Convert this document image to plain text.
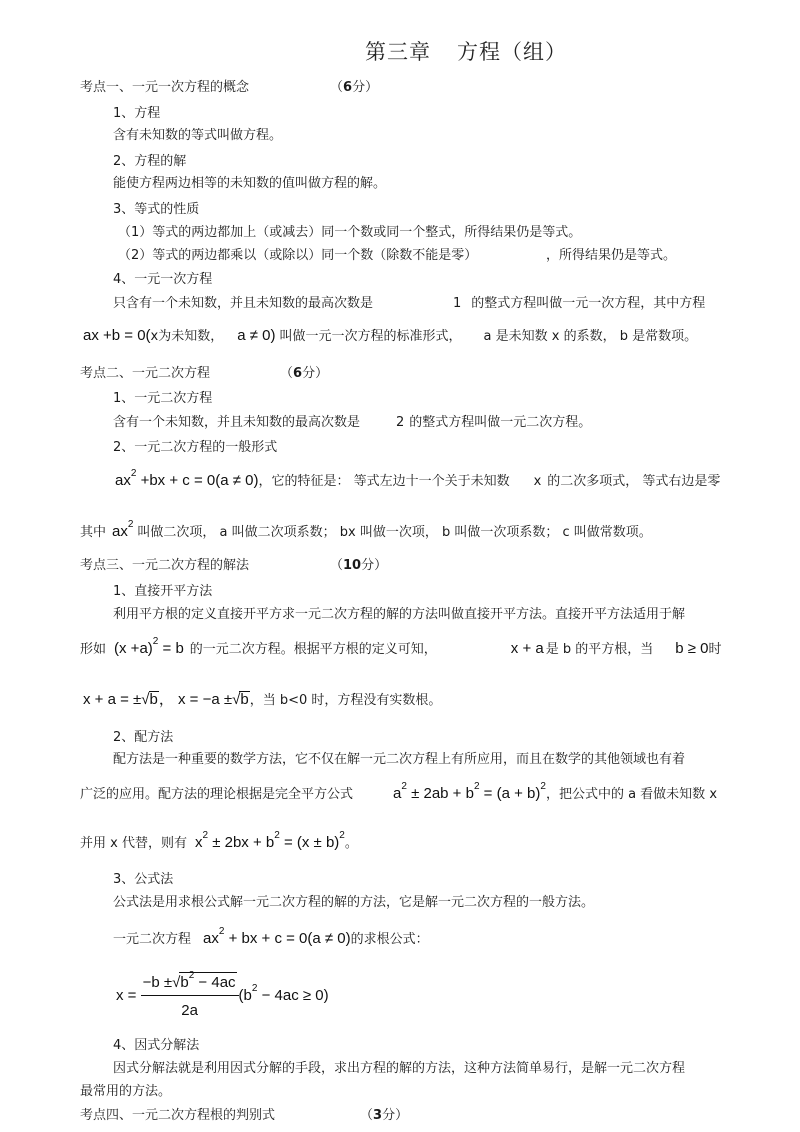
第三章 方程（组）
考点一、一元一次方程的概念	（6分）
1、方程
含有未知数的等式叫做方程。
2、方程的解
能使方程两边相等的未知数的值叫做方程的解。
3、等式的性质
（1）等式的两边都加上（或减去）同一个数或同一个整式，所得结果仍是等式。
（2）等式的两边都乘以（或除以）同一个数（除数不能是零）	，所得结果仍是等式。
4、一元一次方程
只含有一个未知数，并且未知数的最高次数是	1 的整式方程叫做一元一次方程，其中方程
ax +b = 0(x为未知数， a ≠ 0) 叫做一元一次方程的标准形式， a 是未知数 x 的系数， b 是常数项。
考点二、一元二次方程	（6分）
1、一元二次方程
含有一个未知数，并且未知数的最高次数是	2 的整式方程叫做一元二次方程。
2、一元二次方程的一般形式
$ax^2 +bx + c = 0(a \ne 0)$，它的特征是： 等式左边十一个关于未知数 x 的二次多项式， 等式右边是零
其中 $ax^2$叫做二次项， a 叫做二次项系数； bx 叫做一次项， b 叫做一次项系数； c 叫做常数项。
考点三、一元二次方程的解法	（10分）
1、直接开平方法
利用平方根的定义直接开平方求一元二次方程的解的方法叫做直接开平方法。直接开平方法适用于解
形如 $(x +a)^2 = b$ 的一元二次方程。根据平方根的定义可知，	x + a 是 b 的平方根，当 b ≥ 0时
x + a = ±√b， x = −a ±√b，当 b<0 时，方程没有实数根。
2、配方法
配方法是一种重要的数学方法，它不仅在解一元二次方程上有所应用，而且在数学的其他领域也有着
广泛的应用。配方法的理论根据是完全平方公式	$a^2 \pm 2ab + b^2 = (a + b)^2$，把公式中的 a 看做未知数 x
并用 x 代替，则有 $x^2 \pm 2bx + b^2 = (x \pm b)^2$。
3、公式法
公式法是用求根公式解一元二次方程的解的方法，它是解一元二次方程的一般方法。
一元二次方程 $ax^2$ + bx + c = 0(a ≠ 0)的求根公式：
$x = \frac{-b \pm√b^2 - 4ac}{2a} (b^2 - 4ac \ge 0)$
4、因式分解法
因式分解法就是利用因式分解的手段，求出方程的解的方法，这种方法简单易行，是解一元二次方程
最常用的方法。
考点四、一元二次方程根的判别式	（3分）
